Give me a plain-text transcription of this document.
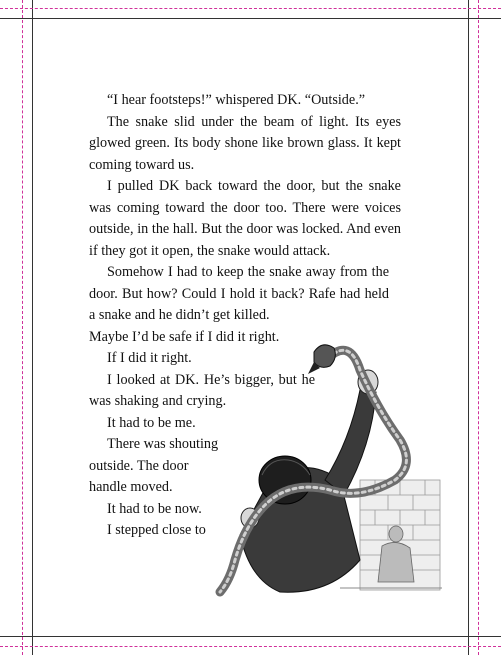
“I hear footsteps!” whispered DK. “Outside.”

The snake slid under the beam of light. Its eyes glowed green. Its body shone like brown glass. It kept coming toward us.

I pulled DK back toward the door, but the snake was coming toward the door too. There were voices outside, in the hall. But the door was locked. And even if they got it open, the snake would attack.

Somehow I had to keep the snake away from the door. But how? Could I hold it back? Rafe had held a snake and he didn’t get killed.

Maybe I’d be safe if I did it right.

If I did it right.

I looked at DK. He’s bigger, but he was shaking and crying.

It had to be me.

There was shouting outside. The door handle moved.

It had to be now.

I stepped close to
